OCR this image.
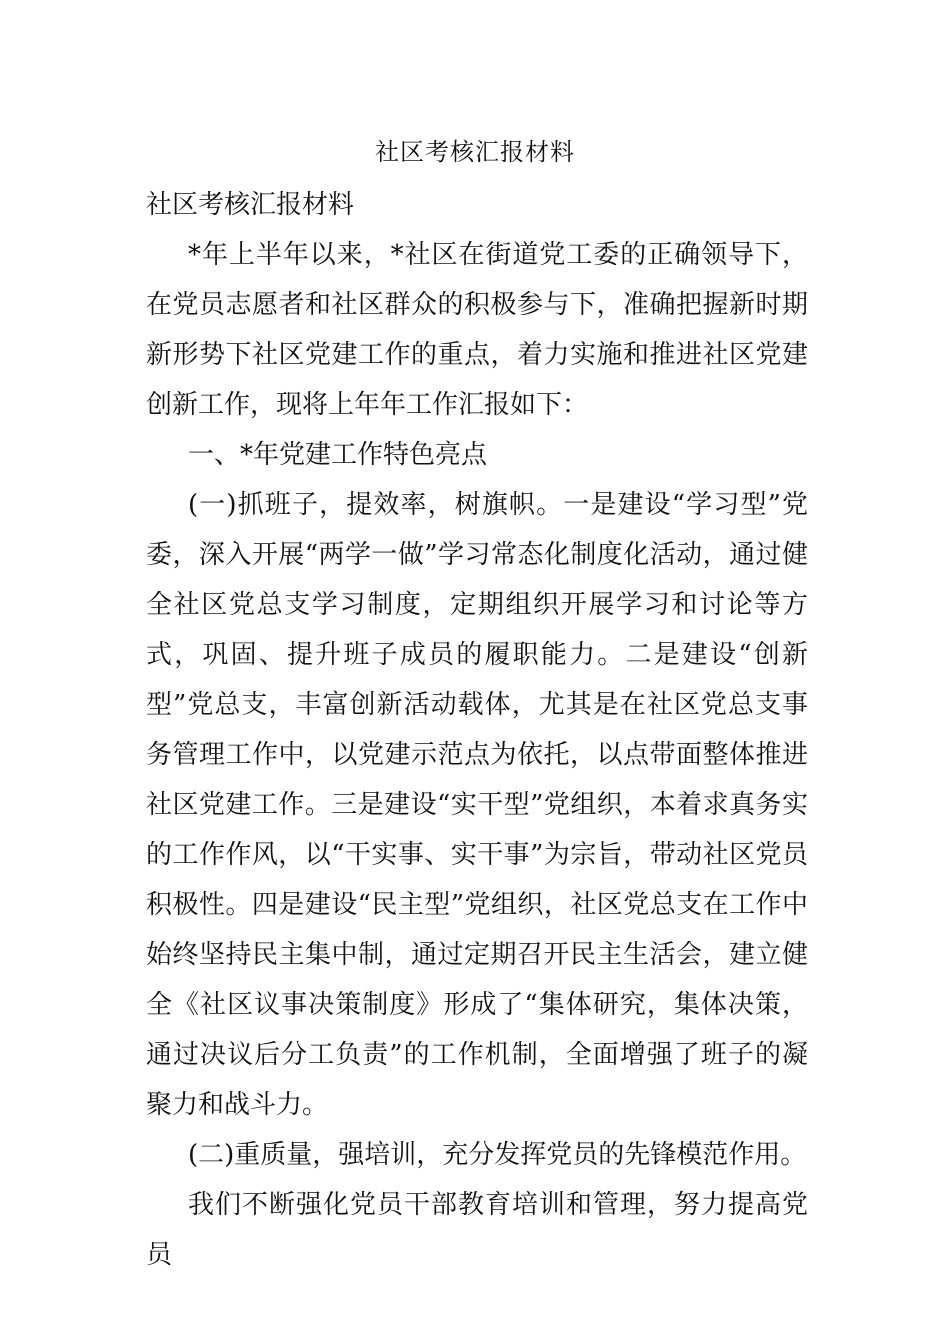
社区考核汇报材料

社区考核汇报材料

*年上半年以来，*社区在街道党工委的正确领导下，在党员志愿者和社区群众的积极参与下，准确把握新时期新形势下社区党建工作的重点，着力实施和推进社区党建创新工作，现将上年年工作汇报如下：

一、*年党建工作特色亮点

(一)抓班子，提效率，树旗帜。一是建设“学习型”党委，深入开展“两学一做”学习常态化制度化活动，通过健全社区党总支学习制度，定期组织开展学习和讨论等方式，巩固、提升班子成员的履职能力。二是建设“创新型”党总支，丰富创新活动载体，尤其是在社区党总支事务管理工作中，以党建示范点为依托，以点带面整体推进社区党建工作。三是建设“实干型”党组织，本着求真务实的工作作风，以“干实事、实干事”为宗旨，带动社区党员积极性。四是建设“民主型”党组织，社区党总支在工作中始终坚持民主集中制，通过定期召开民主生活会，建立健全《社区议事决策制度》形成了“集体研究，集体决策，通过决议后分工负责”的工作机制，全面增强了班子的凝聚力和战斗力。

(二)重质量，强培训，充分发挥党员的先锋模范作用。

我们不断强化党员干部教育培训和管理，努力提高党员
